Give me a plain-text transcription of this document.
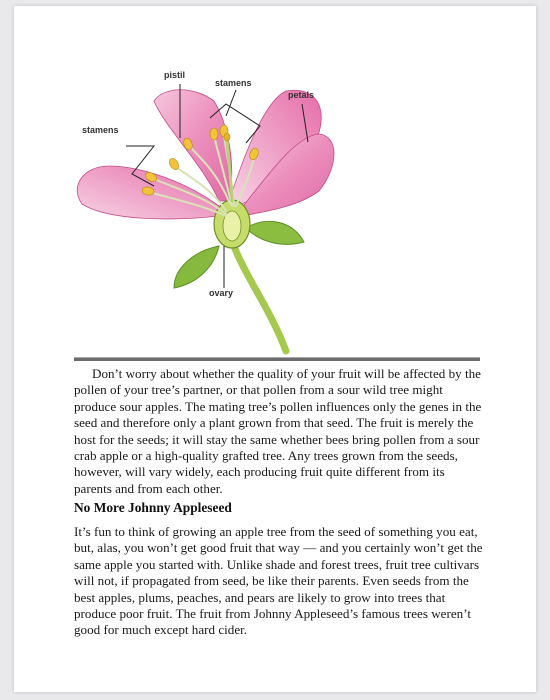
pistil
stamens
petals
stamens
ovary

Don’t worry about whether the quality of your fruit will be affected by the pollen of your tree’s partner, or that pollen from a sour wild tree might produce sour apples. The mating tree’s pollen influences only the genes in the seed and therefore only a plant grown from that seed. The fruit is merely the host for the seeds; it will stay the same whether bees bring pollen from a sour crab apple or a high-quality grafted tree. Any trees grown from the seeds, however, will vary widely, each producing fruit quite different from its parents and from each other.

No More Johnny Appleseed

It’s fun to think of growing an apple tree from the seed of something you eat, but, alas, you won’t get good fruit that way — and you certainly won’t get the same apple you started with. Unlike shade and forest trees, fruit tree cultivars will not, if propagated from seed, be like their parents. Even seeds from the best apples, plums, peaches, and pears are likely to grow into trees that produce poor fruit. The fruit from Johnny Appleseed’s famous trees weren’t good for much except hard cider.
